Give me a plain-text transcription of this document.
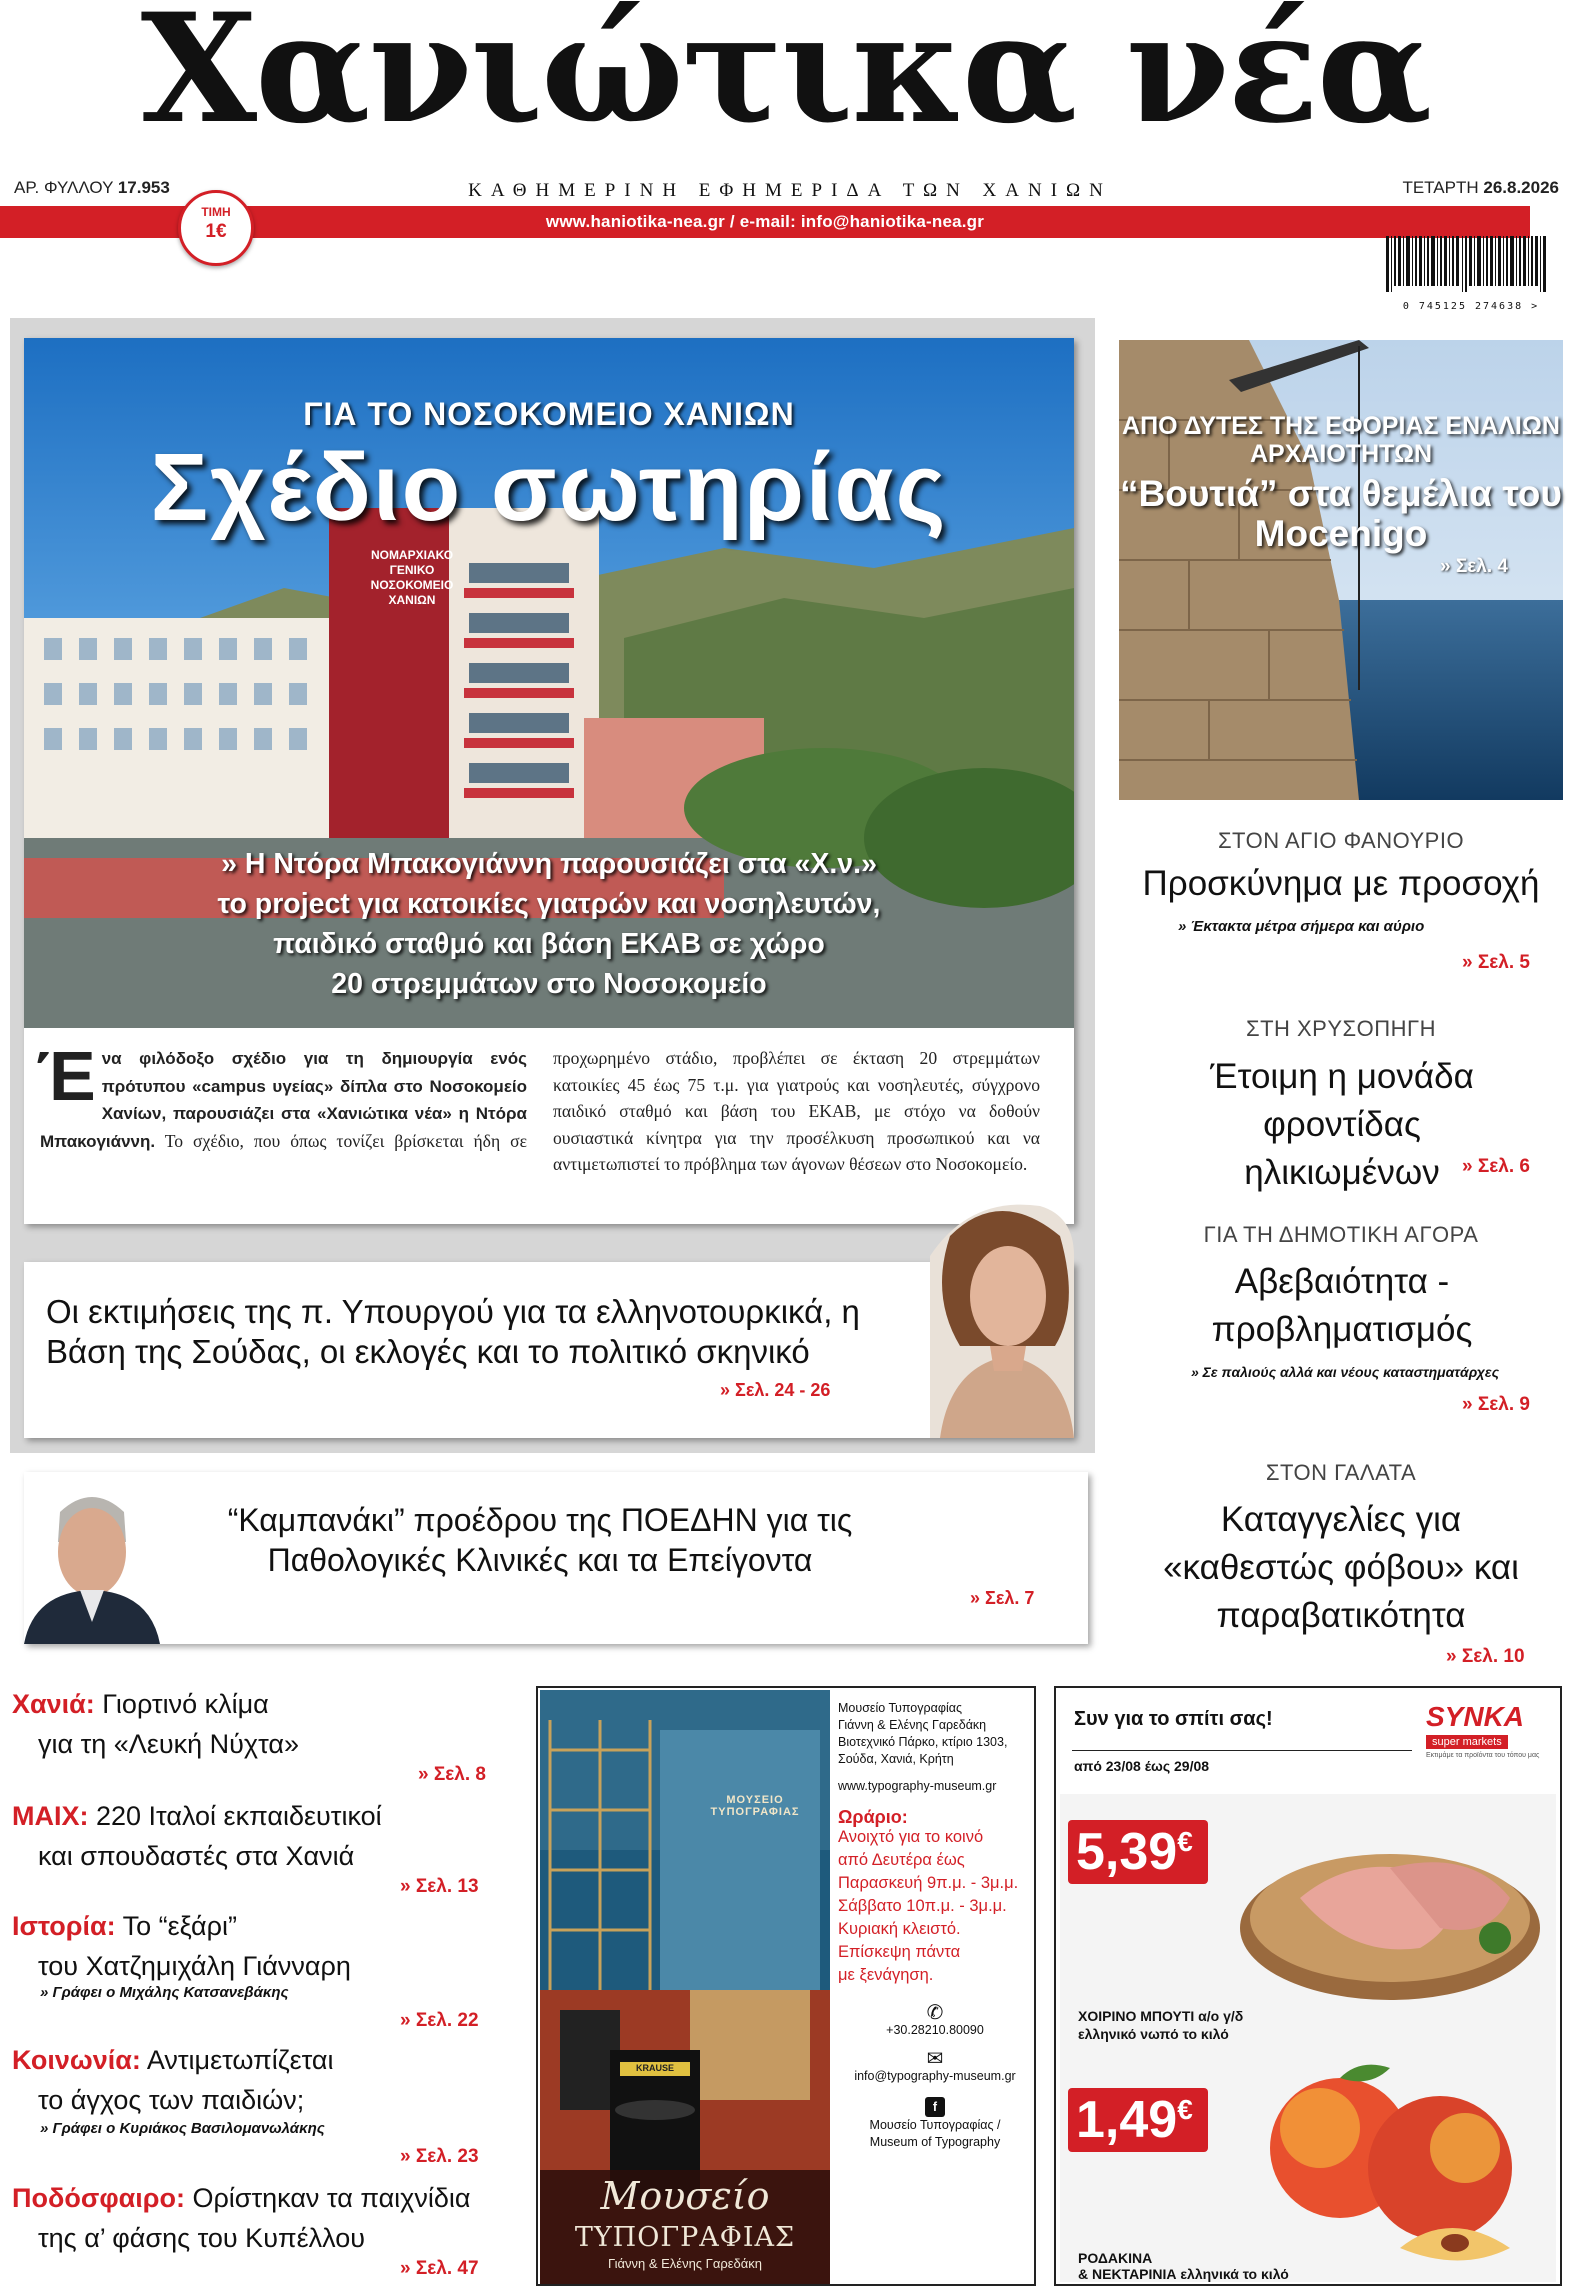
Χανιώτικα νέα
ΑΡ. ΦΥΛΛΟΥ 17.953	ΚΑΘΗΜΕΡΙΝΗ ΕΦΗΜΕΡΙΔΑ ΤΩΝ ΧΑΝΙΩΝ	ΤΕΤΑΡΤΗ 26.8.2026
www.haniotika-nea.gr / e-mail: info@haniotika-nea.gr
ΤΙΜΗ
1€
0 745125 274638 >
ΝΟΜΑΡΧΙΑΚΟ
ΓΕΝΙΚΟ
ΝΟΣΟΚΟΜΕΙΟ
ΧΑΝΙΩΝ
ΓΙΑ ΤΟ ΝΟΣΟΚΟΜΕΙΟ ΧΑΝΙΩΝ
Σχέδιο σωτηρίας
» Η Ντόρα Μπακογιάννη παρουσιάζει στα «Χ.ν.»
το project για κατοικίες γιατρών και νοσηλευτών,
παιδικό σταθμό και βάση ΕΚΑΒ σε χώρο
20 στρεμμάτων στο Νοσοκομείο
Ένα φιλόδοξο σχέδιο για τη δημιουργία ενός πρότυπου «campus υγείας» δίπλα στο Νοσοκομείο Χανίων, παρουσιάζει στα «Χανιώτικα νέα» η Ντόρα Μπακογιάννη. Το σχέδιο, που όπως τονίζει βρίσκεται ήδη σε προχωρημένο στάδιο, προβλέπει σε έκταση 20 στρεμμάτων κατοικίες 45 έως 75 τ.μ. για γιατρούς και νοσηλευτές, σύγχρονο παιδικό σταθμό και βάση του ΕΚΑΒ, με στόχο να δοθούν ουσιαστικά κίνητρα για την προσέλκυση προσωπικού και να αντιμετωπιστεί το πρόβλημα των άγονων θέσεων στο Νοσοκομείο.
Οι εκτιμήσεις της π. Υπουργού για τα ελληνοτουρκικά, η Βάση της Σούδας, οι εκλογές και το πολιτικό σκηνικό
» Σελ. 24 - 26
“Καμπανάκι” προέδρου της ΠΟΕΔΗΝ για τις Παθολογικές Κλινικές και τα Επείγοντα
» Σελ. 7
ΑΠΟ ΔΥΤΕΣ ΤΗΣ ΕΦΟΡΙΑΣ ΕΝΑΛΙΩΝ ΑΡΧΑΙΟΤΗΤΩΝ
“Βουτιά” στα θεμέλια του Mocenigo
» Σελ. 4
ΣΤΟΝ ΑΓΙΟ ΦΑΝΟΥΡΙΟ
Προσκύνημα με προσοχή
» Έκτακτα μέτρα σήμερα και αύριο
» Σελ. 5
ΣΤΗ ΧΡΥΣΟΠΗΓΗ
Έτοιμη η μονάδα φροντίδας ηλικιωμένων	» Σελ. 6
ΓΙΑ ΤΗ ΔΗΜΟΤΙΚΗ ΑΓΟΡΑ
Αβεβαιότητα - προβληματισμός
» Σε παλιούς αλλά και νέους καταστηματάρχες
» Σελ. 9
ΣΤΟΝ ΓΑΛΑΤΑ
Καταγγελίες για «καθεστώς φόβου» και παραβατικότητα
» Σελ. 10
Χανιά: Γιορτινό κλίμα
για τη «Λευκή Νύχτα»
» Σελ. 8
ΜΑΙΧ: 220 Ιταλοί εκπαιδευτικοί
και σπουδαστές στα Χανιά
» Σελ. 13
Ιστορία: Το “εξάρι”
του Χατζημιχάλη Γιάνναρη
» Γράφει ο Μιχάλης Κατσανεβάκης
» Σελ. 22
Κοινωνία: Αντιμετωπίζεται
το άγχος των παιδιών;
» Γράφει ο Κυριάκος Βασιλομανωλάκης
» Σελ. 23
Ποδόσφαιρο: Ορίστηκαν τα παιχνίδια
της α’ φάσης του Κυπέλλου
» Σελ. 47
ΜΟΥΣΕΙΟ ΤΥΠΟΓΡΑΦΙΑΣ
KRAUSE
Μουσείο
ΤΥΠΟΓΡΑΦΙΑΣ
Γιάννη & Ελένης Γαρεδάκη
Μουσείο Τυπογραφίας
Γιάννη & Ελένης Γαρεδάκη
Βιοτεχνικό Πάρκο, κτίριο 1303,
Σούδα, Χανιά, Κρήτη
www.typography-museum.gr
Ωράριο:
Ανοιχτό για το κοινό
από Δευτέρα έως
Παρασκευή 9π.μ. - 3μ.μ.
Σάββατο 10π.μ. - 3μ.μ.
Κυριακή κλειστό.
Επίσκεψη πάντα
με ξενάγηση.
✆
+30.28210.80090
✉
info@typography-museum.gr
f
Μουσείο Τυπογραφίας /
Museum of Typography
Συν για το σπίτι σας!
από 23/08 έως 29/08
SYNKA
super markets
Εκτιμάμε τα προϊόντα του τόπου μας
5,39€
ΧΟΙΡΙΝΟ ΜΠΟΥΤΙ α/ο γ/δ
ελληνικό νωπό το κιλό
1,49€
ΡΟΔΑΚΙΝΑ
& ΝΕΚΤΑΡΙΝΙΑ ελληνικά το κιλό
